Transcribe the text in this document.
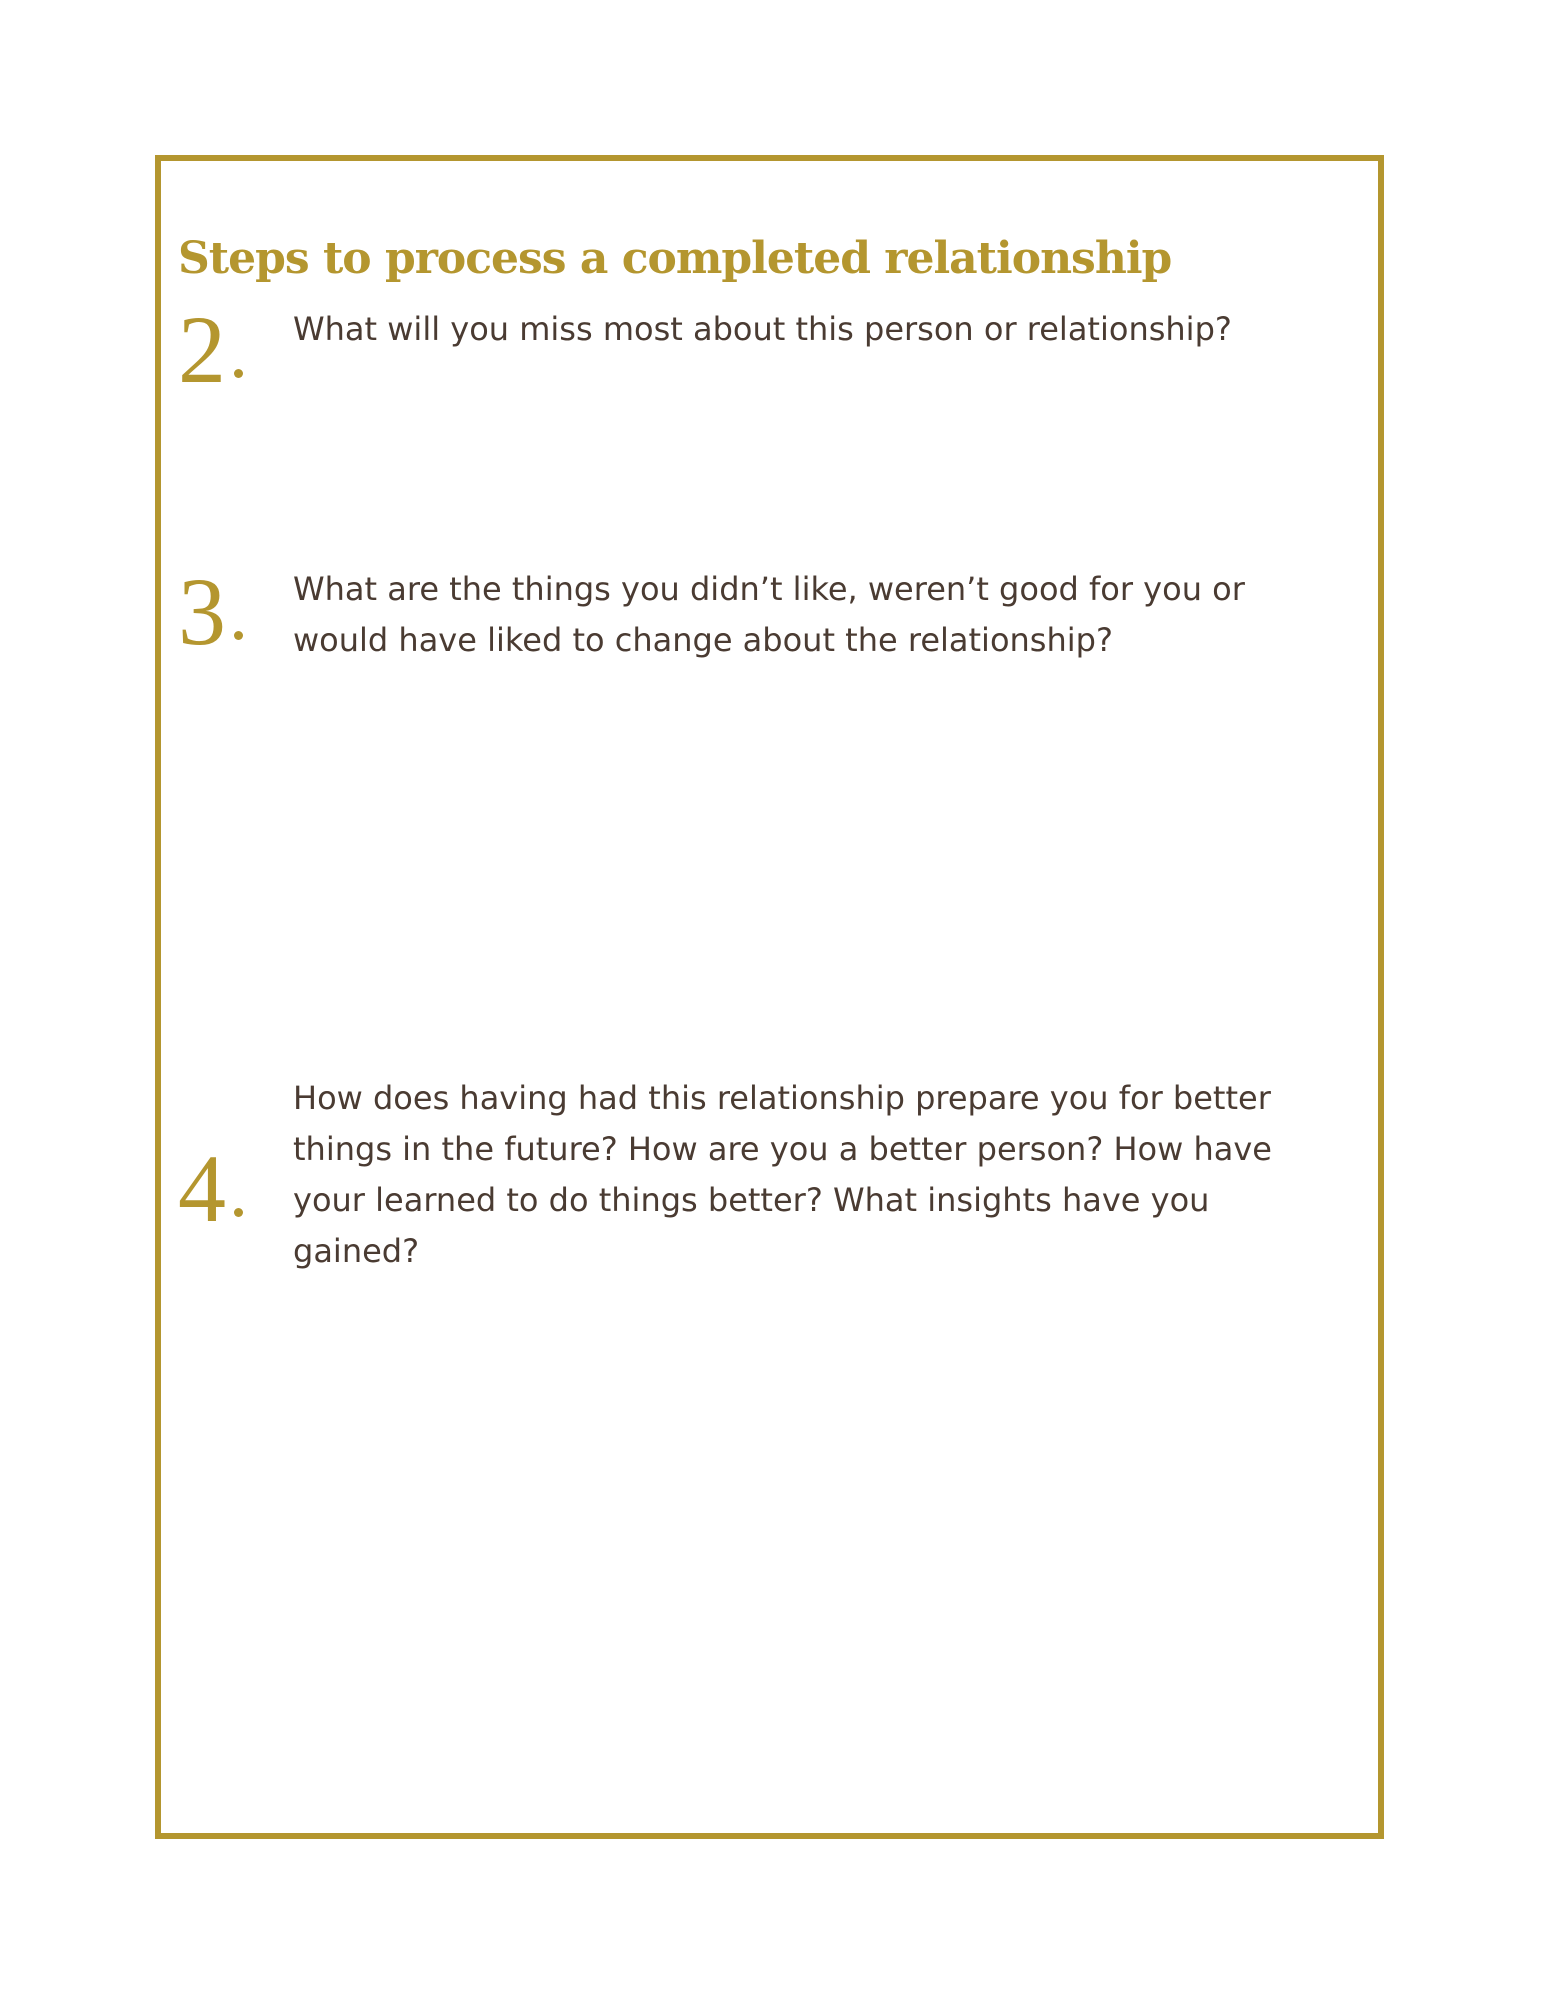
Steps to process a completed relationship
2	What will you miss most about this person or relationship?

3	What are the things you didn’t like, weren’t good for you or would have liked to change about the relationship?

4

How does having had this relationship prepare you for better things in the future? How are you a better person? How have your learned to do things better? What insights have you gained?
